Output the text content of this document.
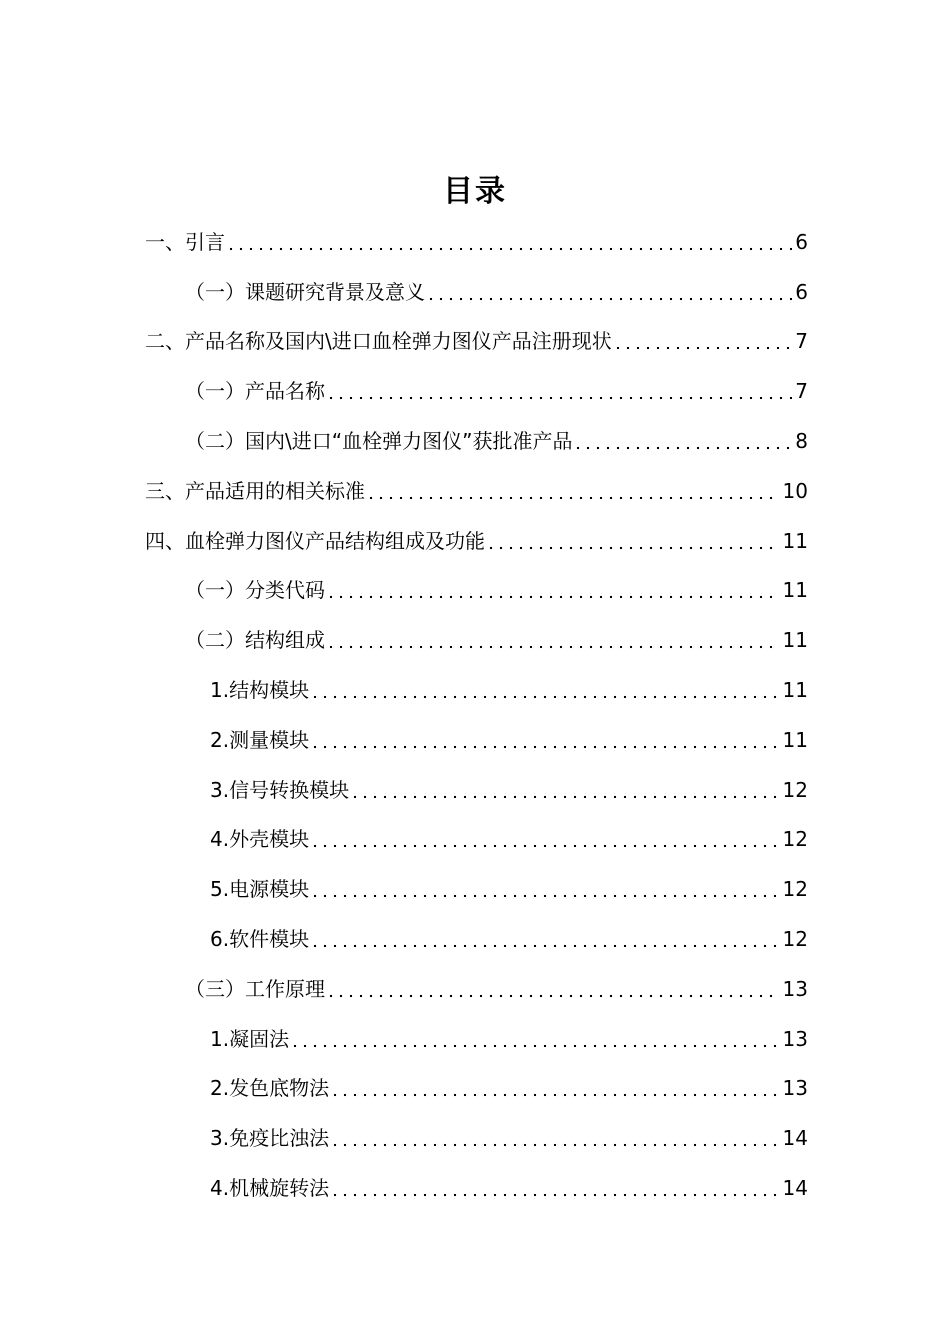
目录
一、引言	6
（一）课题研究背景及意义	6
二、产品名称及国内\进口血栓弹力图仪产品注册现状	7
（一）产品名称	7
（二）国内\进口“血栓弹力图仪”获批准产品	8
三、产品适用的相关标准	10
四、血栓弹力图仪产品结构组成及功能	11
（一）分类代码	11
（二）结构组成	11
1.结构模块	11
2.测量模块	11
3.信号转换模块	12
4.外壳模块	12
5.电源模块	12
6.软件模块	12
（三）工作原理	13
1.凝固法	13
2.发色底物法	13
3.免疫比浊法	14
4.机械旋转法	14
